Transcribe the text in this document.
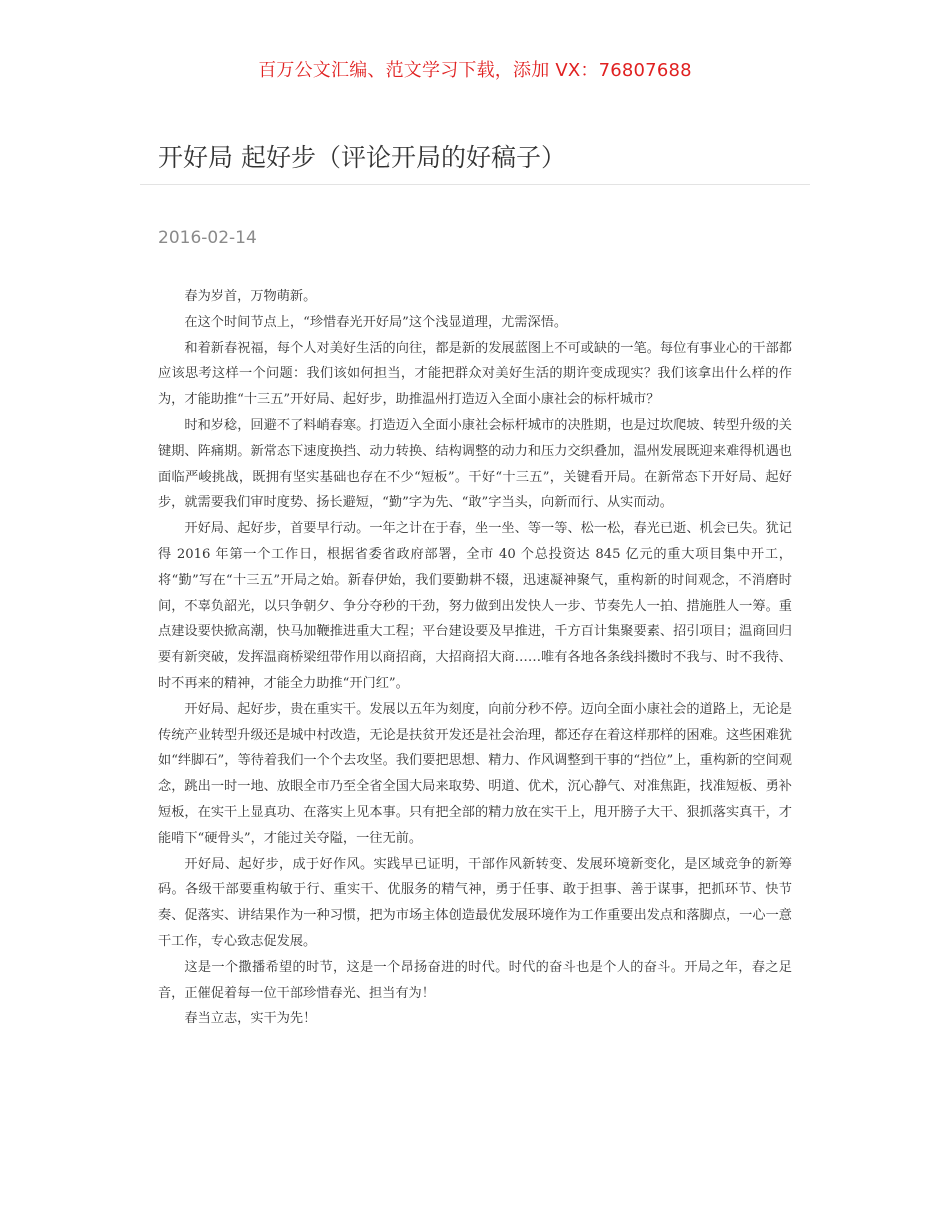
百万公文汇编、范文学习下载，添加 VX：76807688
开好局 起好步（评论开局的好稿子）
2016-02-14

春为岁首，万物萌新。

在这个时间节点上，“珍惜春光开好局”这个浅显道理，尤需深悟。

和着新春祝福，每个人对美好生活的向往，都是新的发展蓝图上不可或缺的一笔。每位有事业心的干部都应该思考这样一个问题：我们该如何担当，才能把群众对美好生活的期许变成现实？我们该拿出什么样的作为，才能助推“十三五”开好局、起好步，助推温州打造迈入全面小康社会的标杆城市？

时和岁稔，回避不了料峭春寒。打造迈入全面小康社会标杆城市的决胜期，也是过坎爬坡、转型升级的关键期、阵痛期。新常态下速度换挡、动力转换、结构调整的动力和压力交织叠加，温州发展既迎来难得机遇也面临严峻挑战，既拥有坚实基础也存在不少“短板”。干好“十三五”，关键看开局。在新常态下开好局、起好步，就需要我们审时度势、扬长避短，“勤”字为先、“敢”字当头，向新而行、从实而动。

开好局、起好步，首要早行动。一年之计在于春，坐一坐、等一等、松一松，春光已逝、机会已失。犹记得 2016 年第一个工作日，根据省委省政府部署，全市 40 个总投资达 845 亿元的重大项目集中开工，将“勤”写在“十三五”开局之始。新春伊始，我们要勤耕不辍，迅速凝神聚气，重构新的时间观念，不消磨时间，不辜负韶光，以只争朝夕、争分夺秒的干劲，努力做到出发快人一步、节奏先人一拍、措施胜人一筹。重点建设要快掀高潮，快马加鞭推进重大工程；平台建设要及早推进，千方百计集聚要素、招引项目；温商回归要有新突破，发挥温商桥梁纽带作用以商招商，大招商招大商……唯有各地各条线抖擞时不我与、时不我待、时不再来的精神，才能全力助推“开门红”。

开好局、起好步，贵在重实干。发展以五年为刻度，向前分秒不停。迈向全面小康社会的道路上，无论是传统产业转型升级还是城中村改造，无论是扶贫开发还是社会治理，都还存在着这样那样的困难。这些困难犹如“绊脚石”，等待着我们一个个去攻坚。我们要把思想、精力、作风调整到干事的“挡位”上，重构新的空间观念，跳出一时一地、放眼全市乃至全省全国大局来取势、明道、优术，沉心静气、对准焦距，找准短板、勇补短板，在实干上显真功、在落实上见本事。只有把全部的精力放在实干上，甩开膀子大干、狠抓落实真干，才能啃下“硬骨头”，才能过关夺隘，一往无前。

开好局、起好步，成于好作风。实践早已证明，干部作风新转变、发展环境新变化，是区域竞争的新筹码。各级干部要重构敏于行、重实干、优服务的精气神，勇于任事、敢于担事、善于谋事，把抓环节、快节奏、促落实、讲结果作为一种习惯，把为市场主体创造最优发展环境作为工作重要出发点和落脚点，一心一意干工作，专心致志促发展。

这是一个撒播希望的时节，这是一个昂扬奋进的时代。时代的奋斗也是个人的奋斗。开局之年，春之足音，正催促着每一位干部珍惜春光、担当有为！

春当立志，实干为先！
